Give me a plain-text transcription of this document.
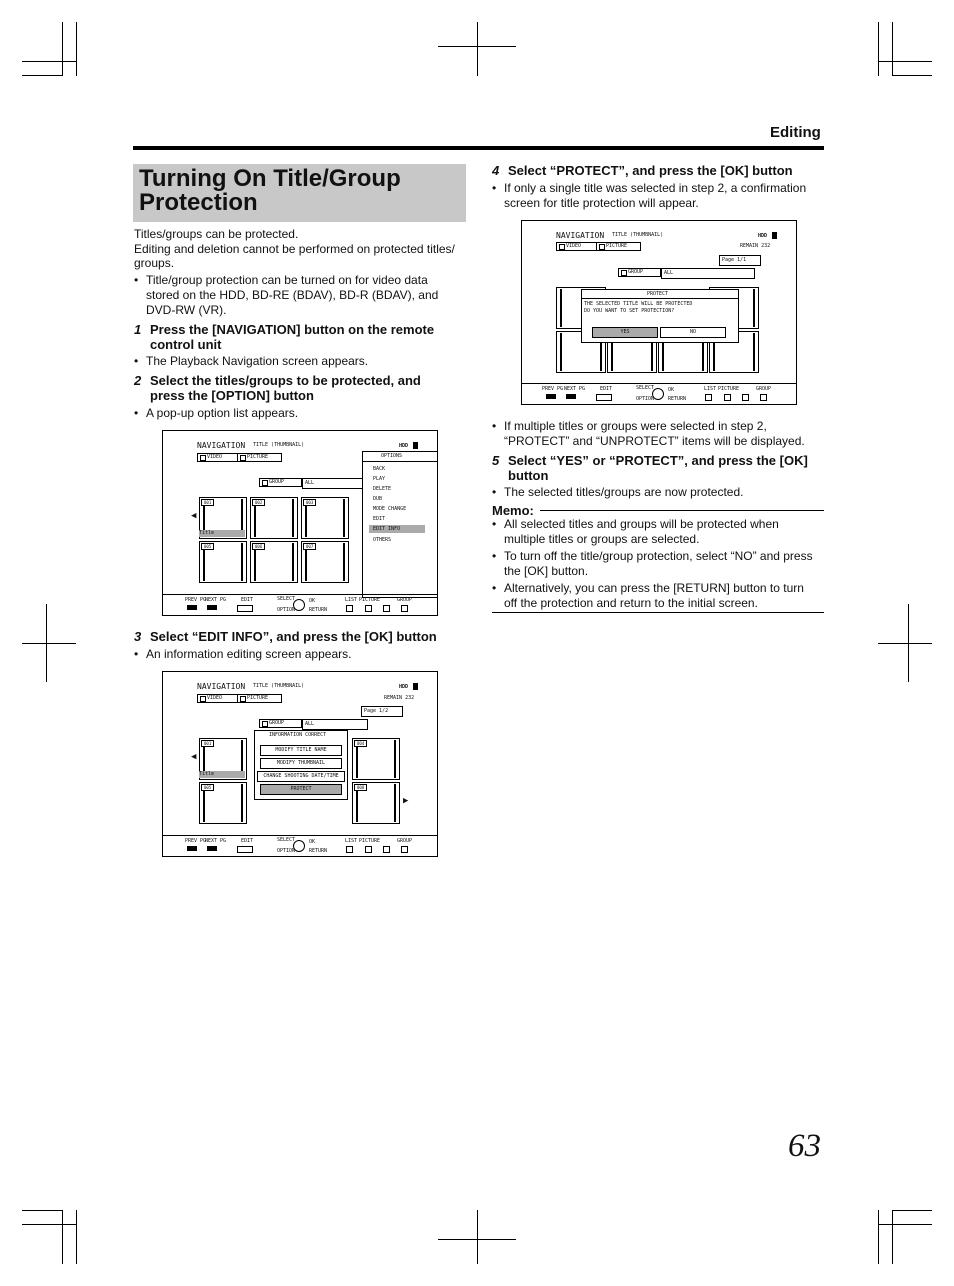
Editing
Turning On Title/Group Protection
Titles/groups can be protected.
Editing and deletion cannot be performed on protected titles/
groups.
• Title/group protection can be turned on for video data
stored on the HDD, BD-RE (BDAV), BD-R (BDAV), and
DVD-RW (VR).
1 Press the [NAVIGATION] button on the remote
control unit
• The Playback Navigation screen appears.
2 Select the titles/groups to be protected, and
press the [OPTION] button
• A pop-up option list appears.
NAVIGATION TITLE (THUMBNAIL)	HDD
VIDEO	PICTURE
GROUP	ALL
◀
001
Title
002	003
005	006	007
OPTIONS
BACK
PLAY
DELETE
DUB
MODE CHANGE
EDIT
EDIT INFO
OTHERS
PREV PG
NEXT PG	EDIT	SELECT	OK
OPTION	RETURN
LIST PICTURE	GROUP
3 Select “EDIT INFO”, and press the [OK] button
• An information editing screen appears.
NAVIGATION TITLE (THUMBNAIL)	HDD
VIDEO	PICTURE	REMAIN 232
Page 1/2
GROUP	ALL
◀
▶
001
Title
004
005	008
INFORMATION CORRECT
MODIFY TITLE NAME
MODIFY THUMBNAIL
CHANGE SHOOTING DATE/TIME
PROTECT
PREV PG
NEXT PG	EDIT	SELECT	OK
OPTION	RETURN
LIST PICTURE	GROUP
4 Select “PROTECT”, and press the [OK] button
• If only a single title was selected in step 2, a confirmation
screen for title protection will appear.
NAVIGATION TITLE (THUMBNAIL)	HDD
VIDEO	PICTURE	REMAIN 232
Page 1/1
GROUP	ALL
PROTECT
THE SELECTED TITLE WILL BE PROTECTED
DO YOU WANT TO SET PROTECTION?
YES	NO
PREV PG NEXT PG	EDIT	SELECT	OK
OPTION	RETURN
LIST PICTURE	GROUP
• If multiple titles or groups were selected in step 2,
“PROTECT” and “UNPROTECT” items will be displayed.
5 Select “YES” or “PROTECT”, and press the [OK]
button
• The selected titles/groups are now protected.
Memo:
• All selected titles and groups will be protected when
multiple titles or groups are selected.
• To turn off the title/group protection, select “NO” and press
the [OK] button.
• Alternatively, you can press the [RETURN] button to turn
off the protection and return to the initial screen.
63
